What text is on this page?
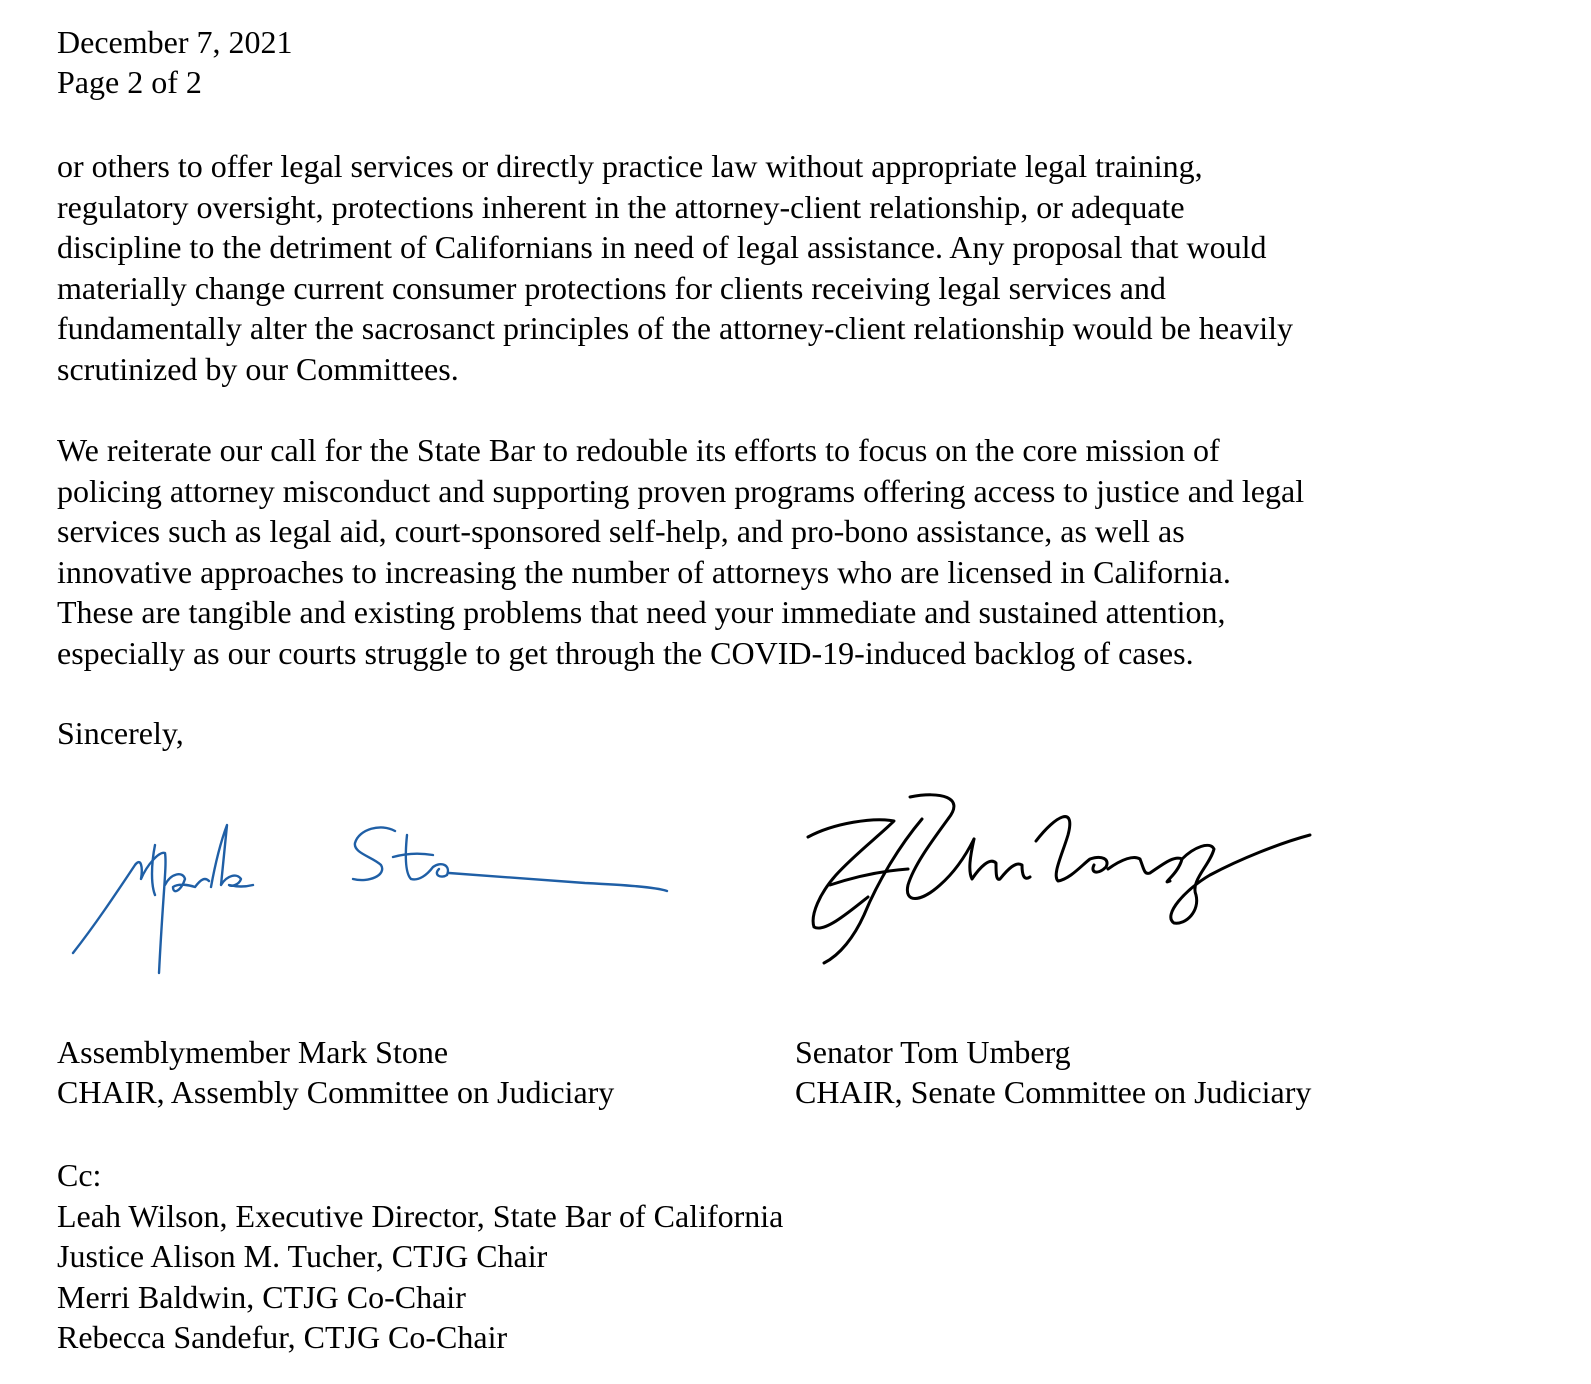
December 7, 2021
Page 2 of 2
or others to offer legal services or directly practice law without appropriate legal training,
regulatory oversight, protections inherent in the attorney-client relationship, or adequate
discipline to the detriment of Californians in need of legal assistance. Any proposal that would
materially change current consumer protections for clients receiving legal services and
fundamentally alter the sacrosanct principles of the attorney-client relationship would be heavily
scrutinized by our Committees.
We reiterate our call for the State Bar to redouble its efforts to focus on the core mission of
policing attorney misconduct and supporting proven programs offering access to justice and legal
services such as legal aid, court-sponsored self-help, and pro-bono assistance, as well as
innovative approaches to increasing the number of attorneys who are licensed in California.
These are tangible and existing problems that need your immediate and sustained attention,
especially as our courts struggle to get through the COVID-19-induced backlog of cases.
Sincerely,
Assemblymember Mark Stone
CHAIR, Assembly Committee on Judiciary
Senator Tom Umberg
CHAIR, Senate Committee on Judiciary
Cc:
Leah Wilson, Executive Director, State Bar of California
Justice Alison M. Tucher, CTJG Chair
Merri Baldwin, CTJG Co-Chair
Rebecca Sandefur, CTJG Co-Chair
